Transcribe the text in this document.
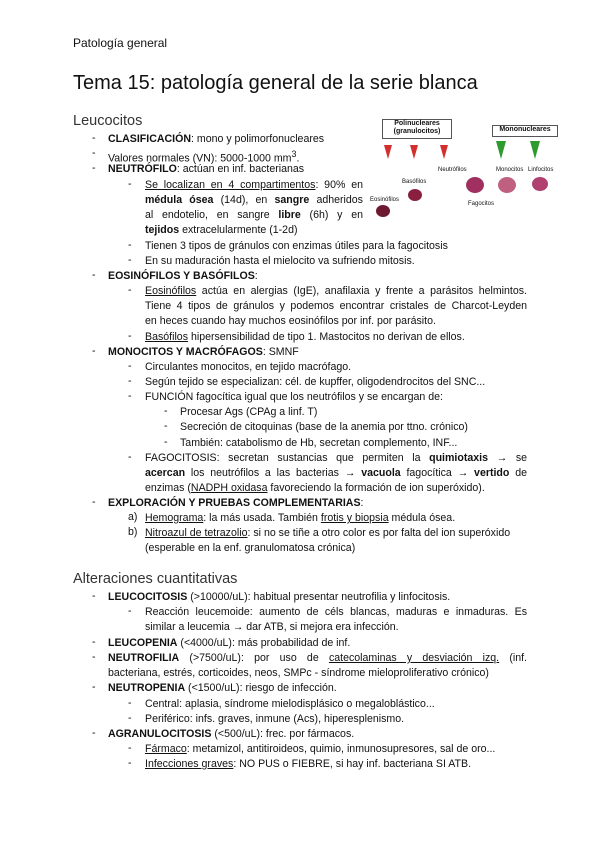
Patología general
Tema 15: patología general de la serie blanca
Leucocitos
Alteraciones cuantitativas
Polinucleares (granulocitos)	Mononucleares
Basófilos
Neutrófilos
Eosinófilos
Fagocitos
Monocitos Linfocitos
CLASIFICACIÓN: mono y polimorfonucleares
-
Valores normales (VN): 5000-1000 $mm^3$.
-
NEUTRÓFILO: actúan en inf. bacterianas
-
Se localizan en 4 compartimentos: 90% en
-
médula ósea (14d), en sangre adheridos
al endotelio, en sangre libre (6h) y en
tejidos extracelularmente (1-2d)
Tienen 3 tipos de gránulos con enzimas útiles para la fagocitosis
-
En su maduración hasta el mielocito va sufriendo mitosis.
-
EOSINÓFILOS Y BASÓFILOS:
-
Eosinófilos actúa en alergias (IgE), anafilaxia y frente a parásitos helmintos.
-
Tiene 4 tipos de gránulos y podemos encontrar cristales de Charcot-Leyden
en heces cuando hay muchos eosinófilos por inf. por parásito.
Basófilos hipersensibilidad de tipo 1. Mastocitos no derivan de ellos.
-
MONOCITOS Y MACRÓFAGOS: SMNF
-
Circulantes monocitos, en tejido macrófago.
-
Según tejido se especializan: cél. de kupffer, oligodendrocitos del SNC...
-
FUNCIÓN fagocítica igual que los neutrófilos y se encargan de:
-
Procesar Ags (CPAg a linf. T)
-
Secreción de citoquinas (base de la anemia por ttno. crónico)
-
También: catabolismo de Hb, secretan complemento, INF...
-
FAGOCITOSIS: secretan sustancias que permiten la quimiotaxis → se
-
acercan los neutrófilos a las bacterias → vacuola fagocítica → vertido de
enzimas (NADPH oxidasa favoreciendo la formación de ion superóxido).
EXPLORACIÓN Y PRUEBAS COMPLEMENTARIAS:
-
Hemograma: la más usada. También frotis y biopsia médula ósea.
a)
Nitroazul de tetrazolio: si no se tiñe a otro color es por falta del ion superóxido
b)
(esperable en la enf. granulomatosa crónica)
LEUCOCITOSIS (>10000/uL): habitual presentar neutrofilia y linfocitosis.
-
Reacción leucemoide: aumento de céls blancas, maduras e inmaduras. Es
-
similar a leucemia → dar ATB, si mejora era infección.
LEUCOPENIA (<4000/uL): más probabilidad de inf.
-
NEUTROFILIA (>7500/uL): por uso de catecolaminas y desviación izq. (inf.
-
bacteriana, estrés, corticoides, neos, SMPc - síndrome mieloproliferativo crónico)
NEUTROPENIA (<1500/uL): riesgo de infección.
-
Central: aplasia, síndrome mielodisplásico o megaloblástico...
-
Periférico: infs. graves, inmune (Acs), hiperesplenismo.
-
AGRANULOCITOSIS (<500/uL): frec. por fármacos.
-
Fármaco: metamizol, antitiroideos, quimio, inmunosupresores, sal de oro...
-
Infecciones graves: NO PUS o FIEBRE, si hay inf. bacteriana SI ATB.
-
